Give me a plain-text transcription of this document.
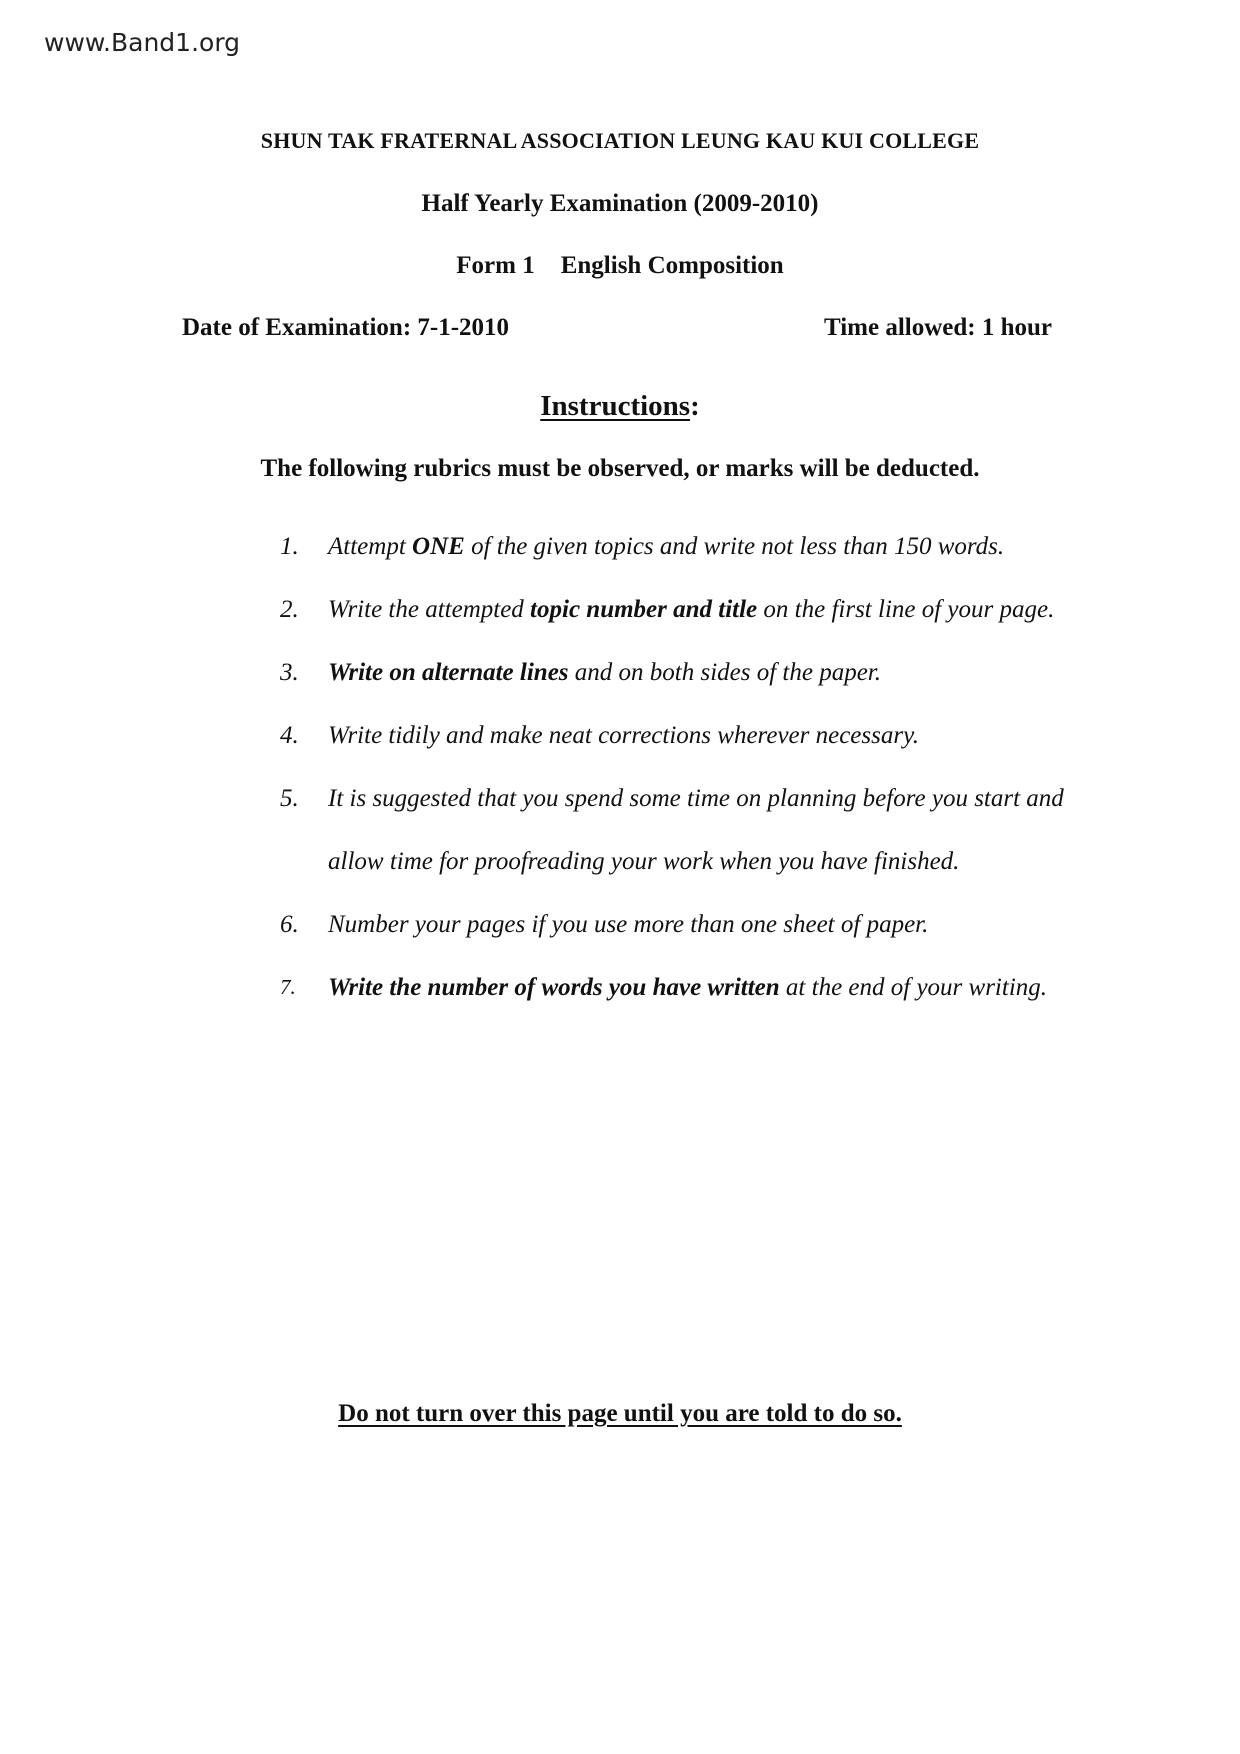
www.Band1.org
SHUN TAK FRATERNAL ASSOCIATION LEUNG KAU KUI COLLEGE
Half Yearly Examination (2009-2010)
Form 1 English Composition
Date of Examination: 7-1-2010	Time allowed: 1 hour
Instructions:
The following rubrics must be observed, or marks will be deducted.
1. Attempt ONE of the given topics and write not less than 150 words.
2. Write the attempted topic number and title on the first line of your page.
3. Write on alternate lines and on both sides of the paper.
4. Write tidily and make neat corrections wherever necessary.
5. It is suggested that you spend some time on planning before you start and allow time for proofreading your work when you have finished.
6. Number your pages if you use more than one sheet of paper.
7. Write the number of words you have written at the end of your writing.
Do not turn over this page until you are told to do so.
